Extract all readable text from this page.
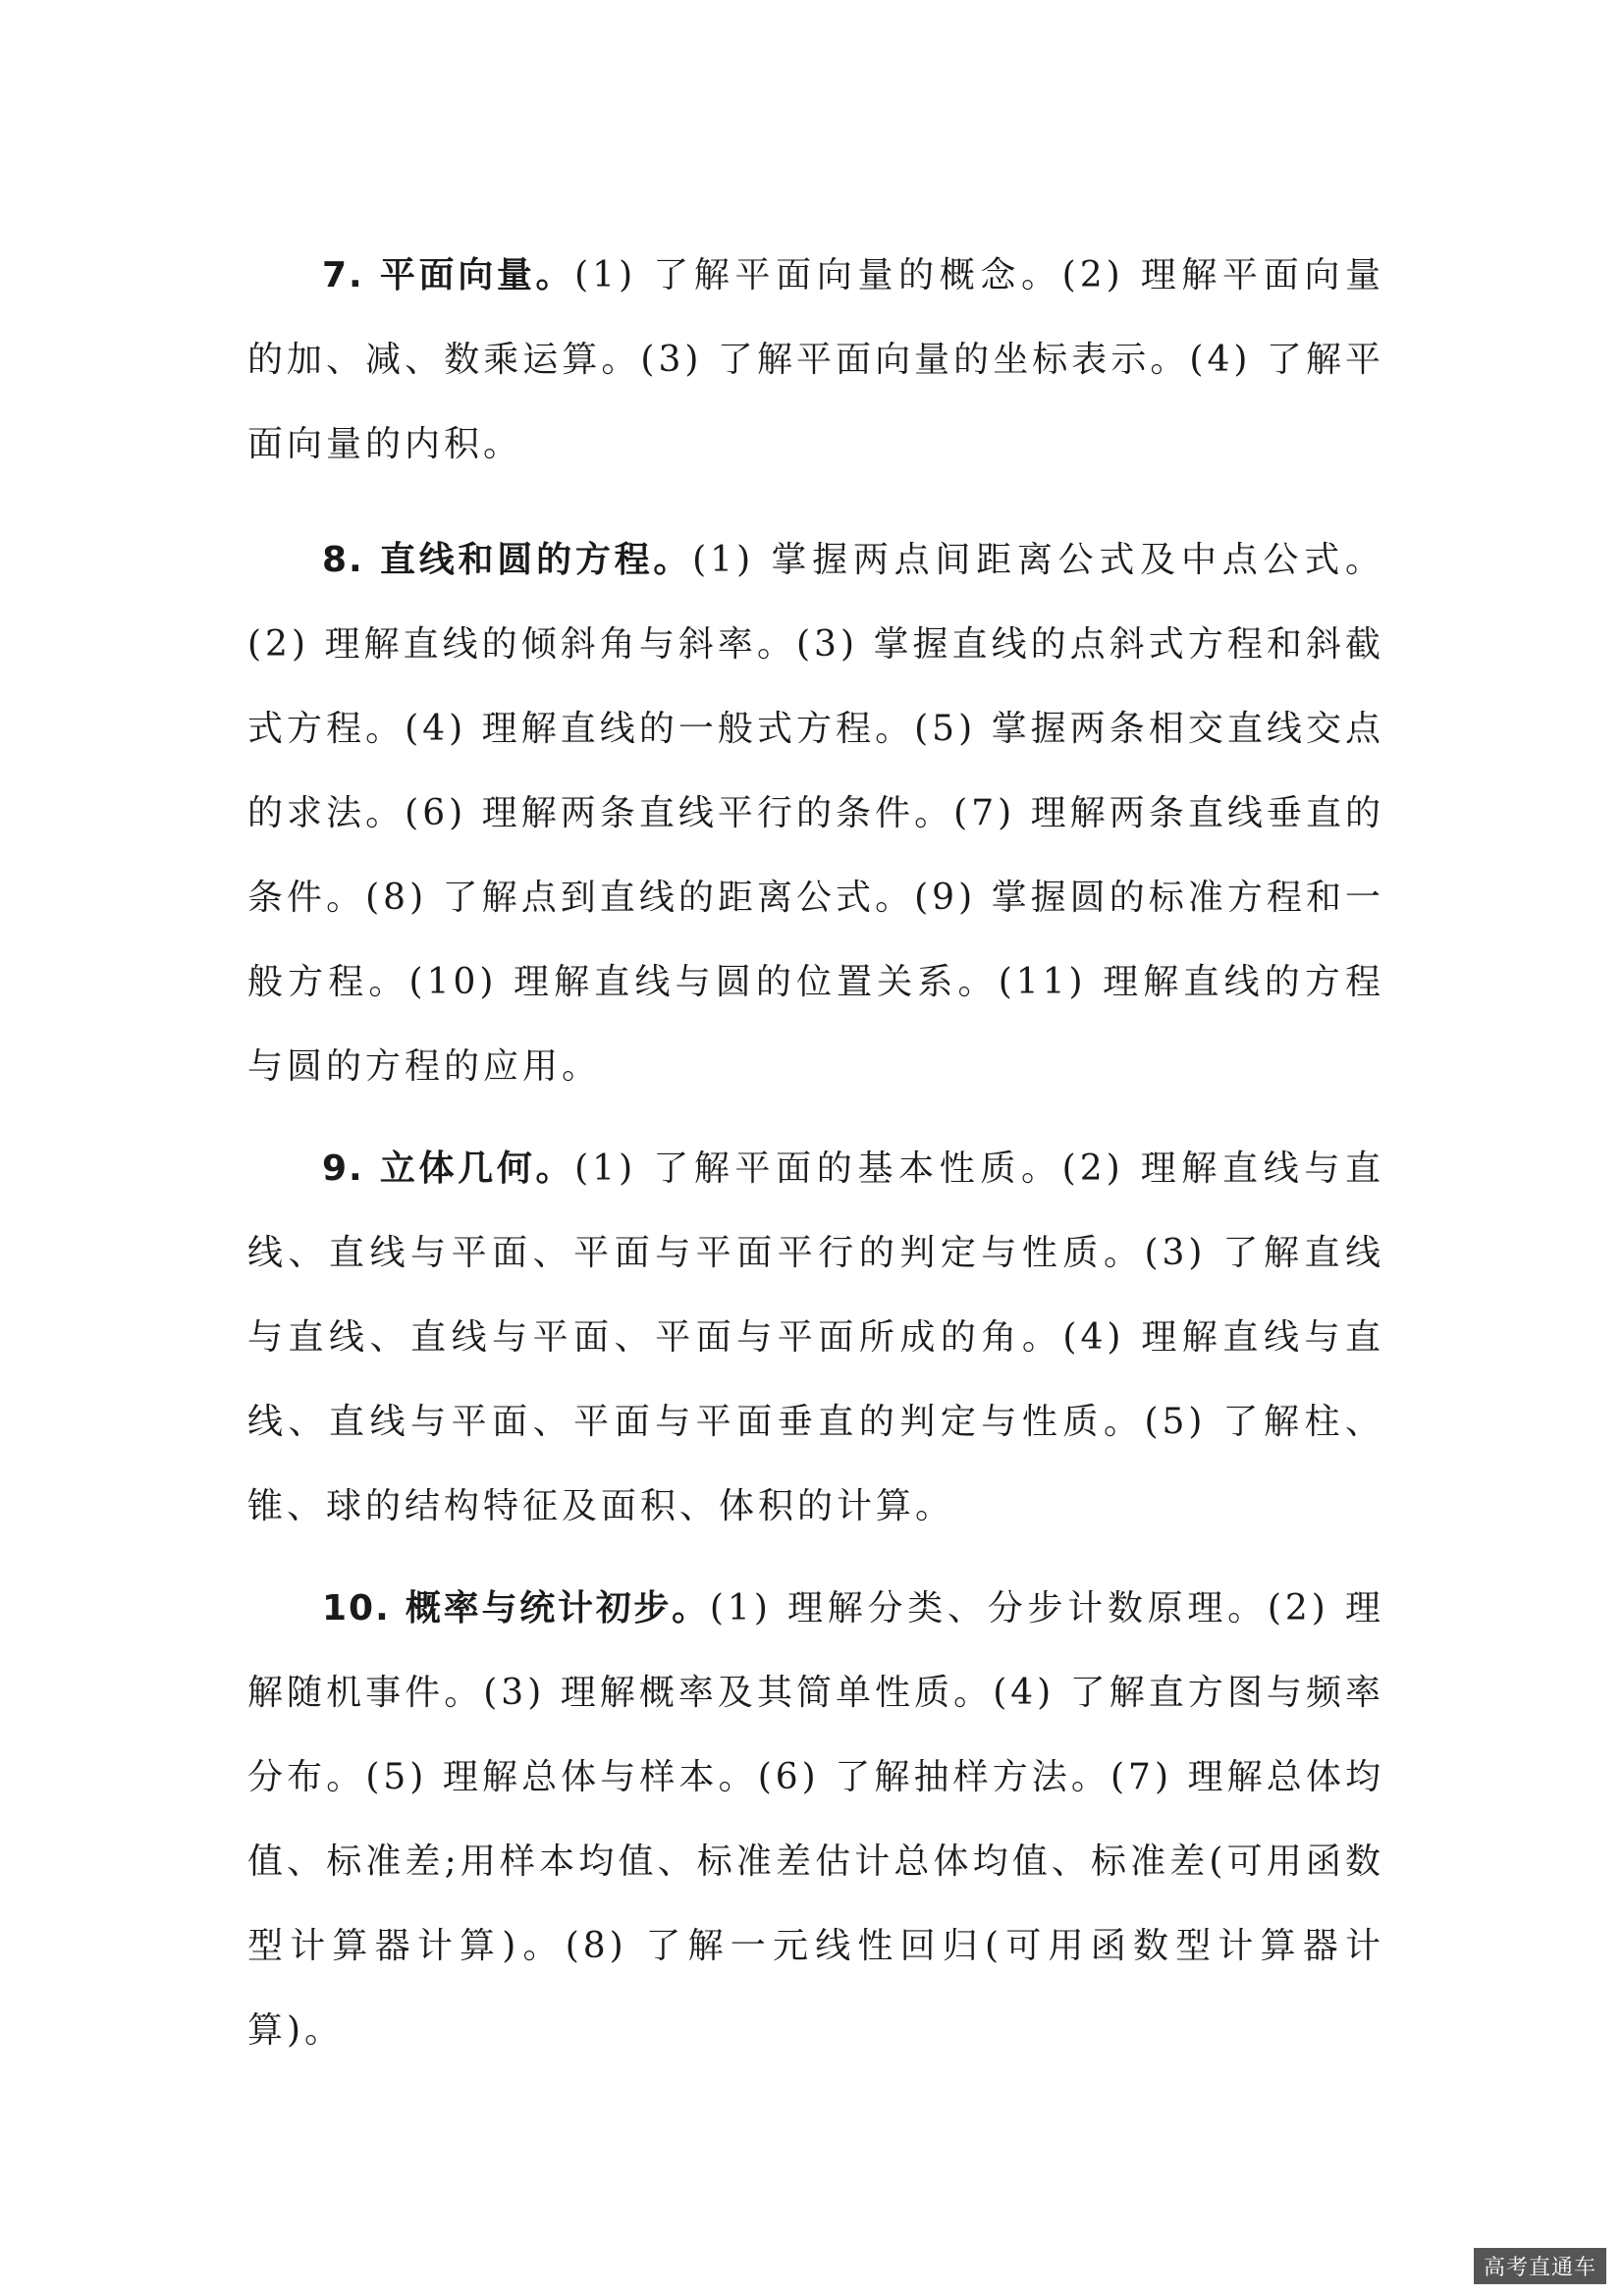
7. 平面向量。(1) 了解平面向量的概念。(2) 理解平面向量的加、减、数乘运算。(3) 了解平面向量的坐标表示。(4) 了解平面向量的内积。

8. 直线和圆的方程。(1) 掌握两点间距离公式及中点公式。(2) 理解直线的倾斜角与斜率。(3) 掌握直线的点斜式方程和斜截式方程。(4) 理解直线的一般式方程。(5) 掌握两条相交直线交点的求法。(6) 理解两条直线平行的条件。(7) 理解两条直线垂直的条件。(8) 了解点到直线的距离公式。(9) 掌握圆的标准方程和一般方程。(10) 理解直线与圆的位置关系。(11) 理解直线的方程与圆的方程的应用。

9. 立体几何。(1) 了解平面的基本性质。(2) 理解直线与直线、直线与平面、平面与平面平行的判定与性质。(3) 了解直线与直线、直线与平面、平面与平面所成的角。(4) 理解直线与直线、直线与平面、平面与平面垂直的判定与性质。(5) 了解柱、锥、球的结构特征及面积、体积的计算。

10. 概率与统计初步。(1) 理解分类、分步计数原理。(2) 理解随机事件。(3) 理解概率及其简单性质。(4) 了解直方图与频率分布。(5) 理解总体与样本。(6) 了解抽样方法。(7) 理解总体均值、标准差;用样本均值、标准差估计总体均值、标准差(可用函数型计算器计算)。(8) 了解一元线性回归(可用函数型计算器计算)。

高考直通车
